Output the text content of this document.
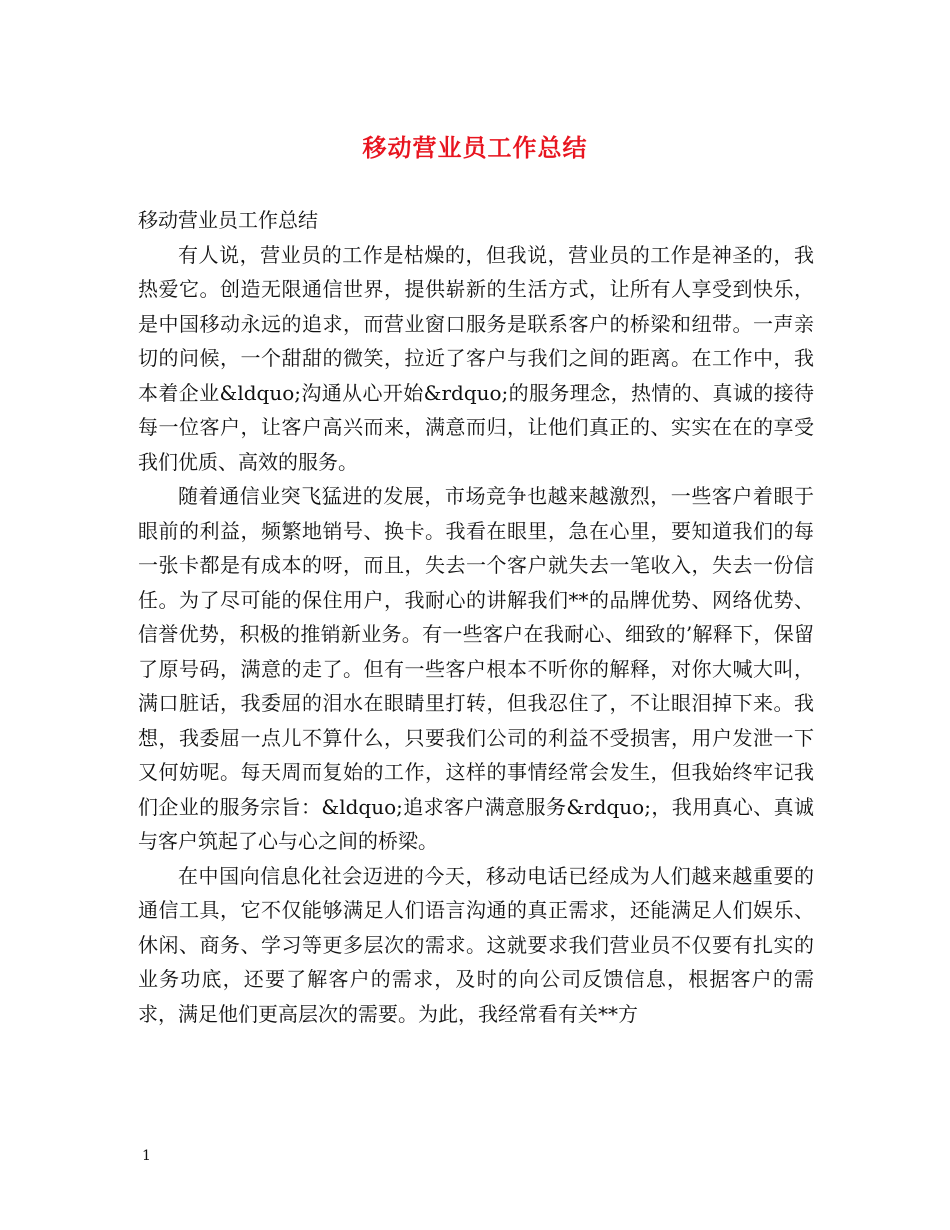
移动营业员工作总结

移动营业员工作总结

有人说，营业员的工作是枯燥的，但我说，营业员的工作是神圣的，我热爱它。创造无限通信世界，提供崭新的生活方式，让所有人享受到快乐，是中国移动永远的追求，而营业窗口服务是联系客户的桥梁和纽带。一声亲切的问候，一个甜甜的微笑，拉近了客户与我们之间的距离。在工作中，我本着企业&ldquo;沟通从心开始&rdquo;的服务理念，热情的、真诚的接待每一位客户，让客户高兴而来，满意而归，让他们真正的、实实在在的享受我们优质、高效的服务。

随着通信业突飞猛进的发展，市场竞争也越来越激烈，一些客户着眼于眼前的利益，频繁地销号、换卡。我看在眼里，急在心里，要知道我们的每一张卡都是有成本的呀，而且，失去一个客户就失去一笔收入，失去一份信任。为了尽可能的保住用户，我耐心的讲解我们**的品牌优势、网络优势、信誉优势，积极的推销新业务。有一些客户在我耐心、细致的’解释下，保留了原号码，满意的走了。但有一些客户根本不听你的解释，对你大喊大叫，满口脏话，我委屈的泪水在眼睛里打转，但我忍住了，不让眼泪掉下来。我想，我委屈一点儿不算什么，只要我们公司的利益不受损害，用户发泄一下又何妨呢。每天周而复始的工作，这样的事情经常会发生，但我始终牢记我们企业的服务宗旨：&ldquo;追求客户满意服务&rdquo;，我用真心、真诚与客户筑起了心与心之间的桥梁。

在中国向信息化社会迈进的今天，移动电话已经成为人们越来越重要的通信工具，它不仅能够满足人们语言沟通的真正需求，还能满足人们娱乐、休闲、商务、学习等更多层次的需求。这就要求我们营业员不仅要有扎实的业务功底，还要了解客户的需求，及时的向公司反馈信息，根据客户的需求，满足他们更高层次的需要。为此，我经常看有关**方

1
